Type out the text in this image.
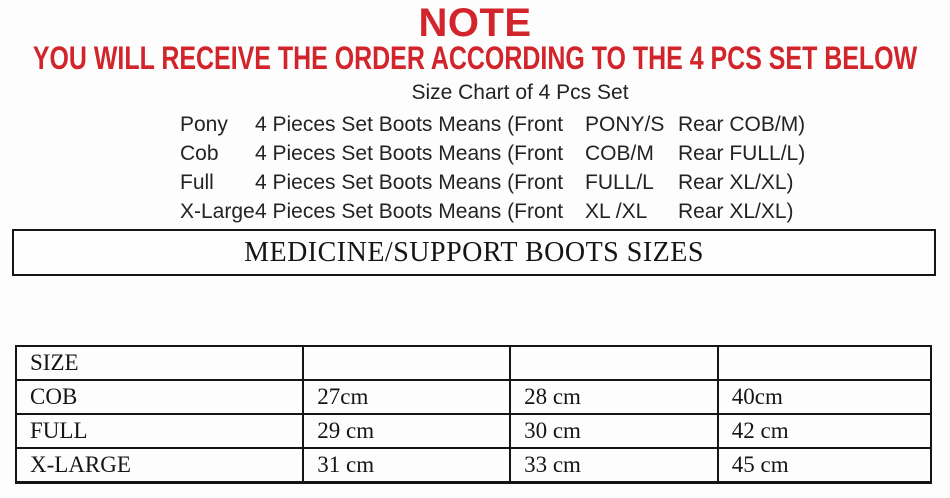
NOTE
YOU WILL RECEIVE THE ORDER ACCORDING TO THE 4 PCS SET BELOW
Size Chart of 4 Pcs Set
Pony	4 Pieces Set Boots Means (Front	PONY/S Rear COB/M)
Cob	4 Pieces Set Boots Means (Front	COB/M	Rear FULL/L)
Full	4 Pieces Set Boots Means (Front	FULL/L	Rear XL/XL)
X-Large 4 Pieces Set Boots Means (Front	XL /XL	Rear XL/XL)
MEDICINE/SUPPORT BOOTS SIZES
SIZE			
COB	27cm	28 cm	40cm
FULL	29 cm	30 cm	42 cm
X-LARGE	31 cm	33 cm	45 cm
